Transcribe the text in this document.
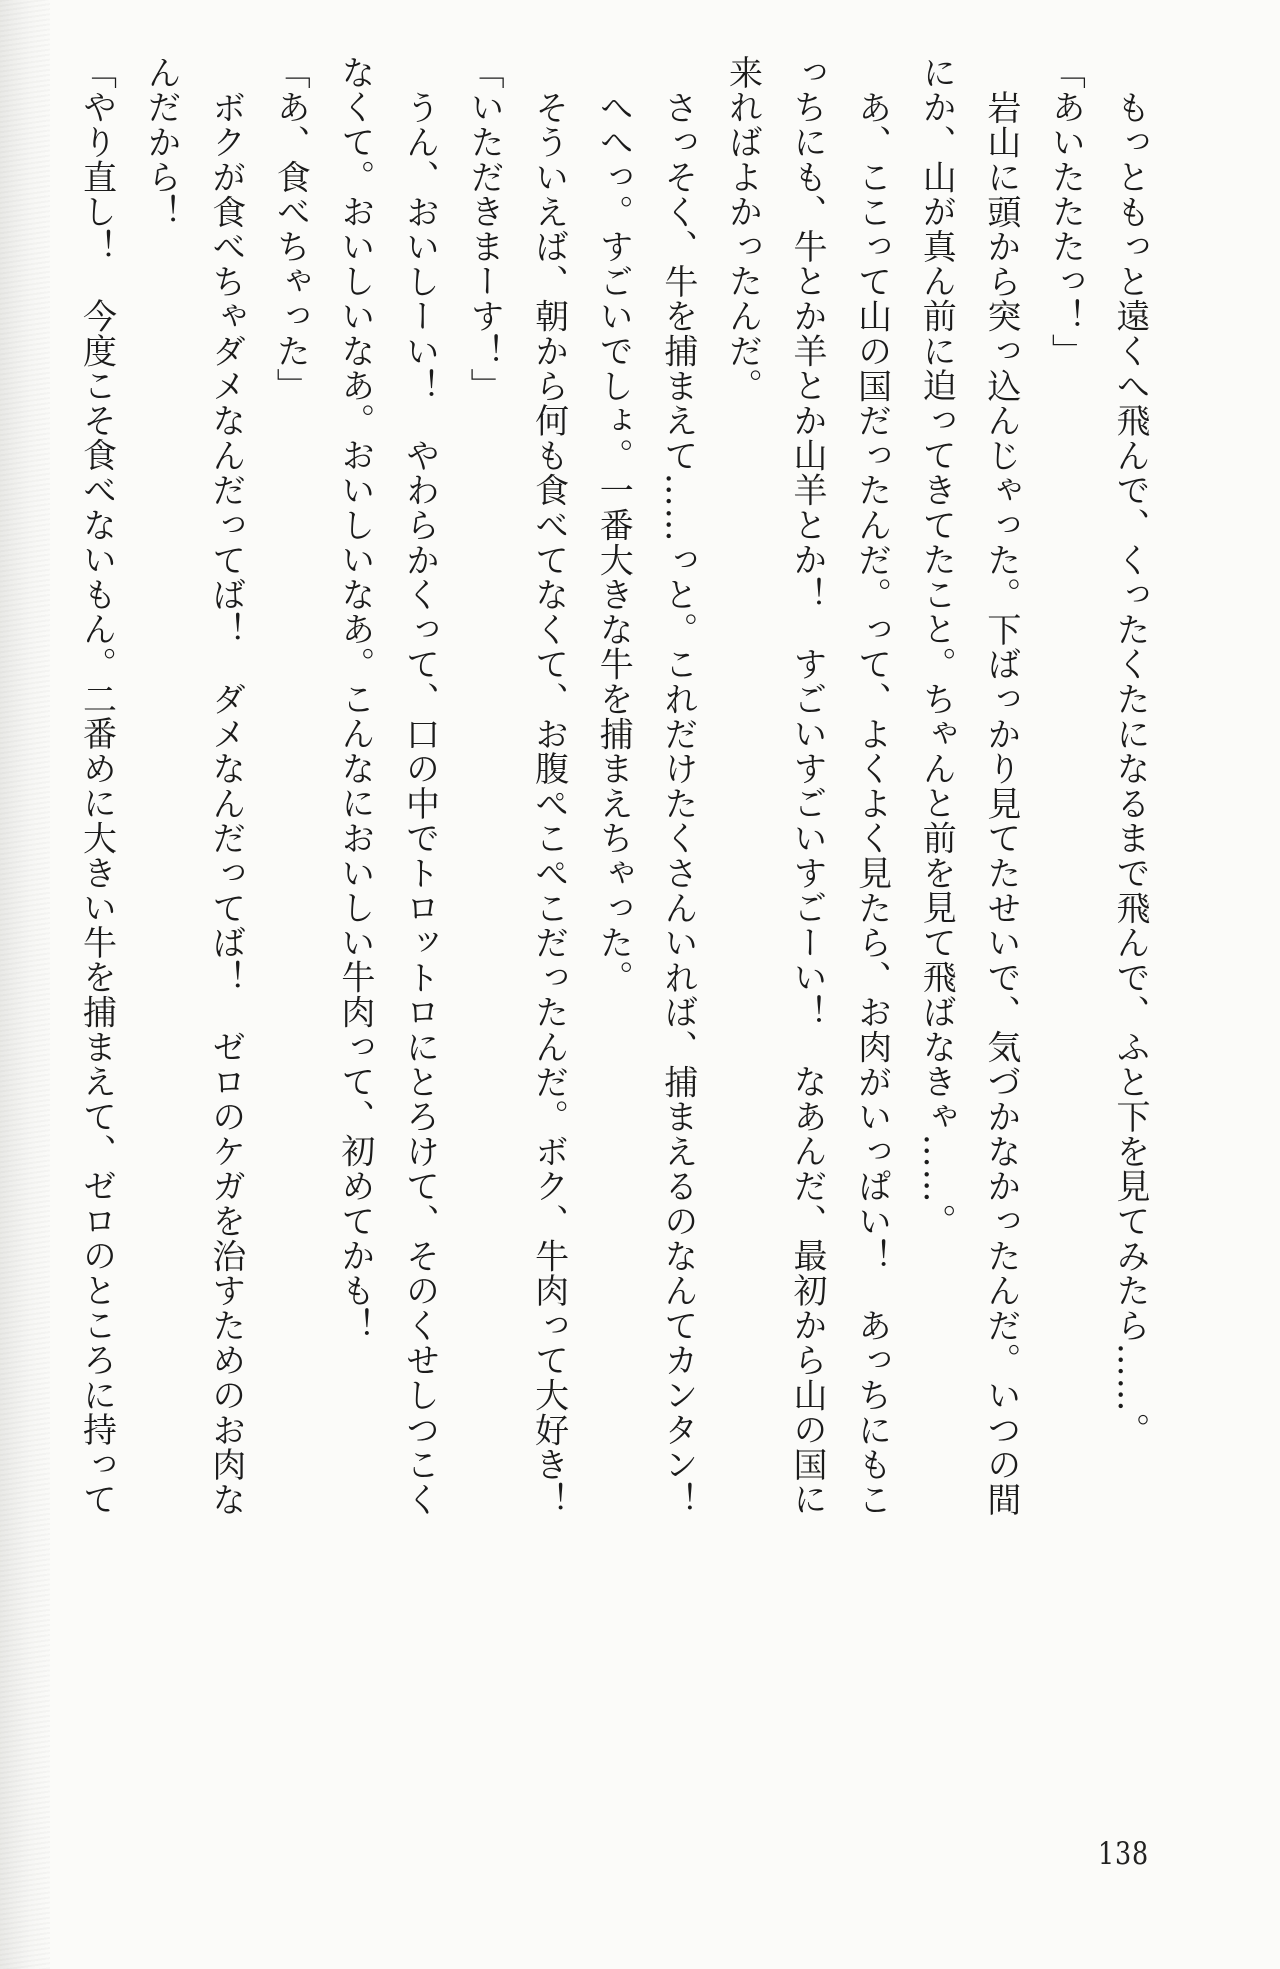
もっともっと遠くへ飛んで、くったくたになるまで飛んで、ふと下を見てみたら……。
「あいたたたっ！」
岩山に頭から突っ込んじゃった。下ばっかり見てたせいで、気づかなかったんだ。いつの間
にか、山が真ん前に迫ってきてたこと。ちゃんと前を見て飛ばなきゃ……。
あ、ここって山の国だったんだ。って、よくよく見たら、お肉がいっぱい！　あっちにもこ
っちにも、牛とか羊とか山羊とか！　すごいすごいすごーい！　なあんだ、最初から山の国に
来ればよかったんだ。
さっそく、牛を捕まえて……っと。これだけたくさんいれば、捕まえるのなんてカンタン！
へへっ。すごいでしょ。一番大きな牛を捕まえちゃった。
そういえば、朝から何も食べてなくて、お腹ぺこぺこだったんだ。ボク、牛肉って大好き！
「いただきまーす！」
うん、おいしーい！　やわらかくって、口の中でトロットロにとろけて、そのくせしつこく
なくて。おいしいなあ。おいしいなあ。こんなにおいしい牛肉って、初めてかも！
「あ、食べちゃった」
ボクが食べちゃダメなんだってば！　ダメなんだってば！　ゼロのケガを治すためのお肉な
んだから！
「やり直し！　今度こそ食べないもん。二番めに大きい牛を捕まえて、ゼロのところに持って
138
